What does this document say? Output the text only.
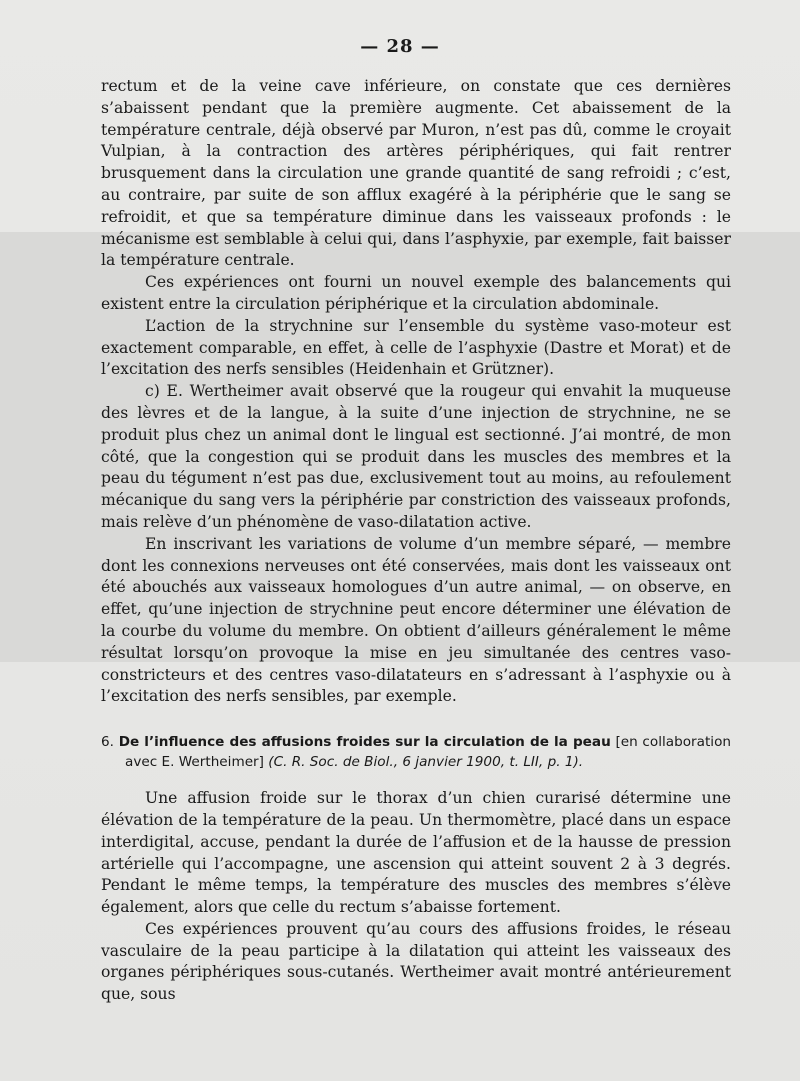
— 28 —

rectum et de la veine cave inférieure, on constate que ces dernières s’abaissent pendant que la première augmente. Cet abaissement de la température centrale, déjà observé par Muron, n’est pas dû, comme le croyait Vulpian, à la contraction des artères périphériques, qui fait rentrer brusquement dans la circulation une grande quantité de sang refroidi ; c’est, au contraire, par suite de son afflux exagéré à la périphérie que le sang se refroidit, et que sa température diminue dans les vaisseaux profonds : le mécanisme est semblable à celui qui, dans l’asphyxie, par exemple, fait baisser la température centrale.

Ces expériences ont fourni un nouvel exemple des balancements qui existent entre la circulation périphérique et la circulation abdominale.

L’action de la strychnine sur l’ensemble du système vaso-moteur est exactement comparable, en effet, à celle de l’asphyxie (Dastre et Morat) et de l’excitation des nerfs sensibles (Heidenhain et Grützner).

c) E. Wertheimer avait observé que la rougeur qui envahit la muqueuse des lèvres et de la langue, à la suite d’une injection de strychnine, ne se produit plus chez un animal dont le lingual est sectionné. J’ai montré, de mon côté, que la congestion qui se produit dans les muscles des membres et la peau du tégument n’est pas due, exclusivement tout au moins, au refoulement mécanique du sang vers la périphérie par constriction des vaisseaux profonds, mais relève d’un phénomène de vaso-dilatation active.

En inscrivant les variations de volume d’un membre séparé, — membre dont les connexions nerveuses ont été conservées, mais dont les vaisseaux ont été abouchés aux vaisseaux homologues d’un autre animal, — on observe, en effet, qu’une injection de strychnine peut encore déterminer une élévation de la courbe du volume du membre. On obtient d’ailleurs généralement le même résultat lorsqu’on provoque la mise en jeu simultanée des centres vaso-constricteurs et des centres vaso-dilatateurs en s’adressant à l’asphyxie ou à l’excitation des nerfs sensibles, par exemple.

6. De l’influence des affusions froides sur la circulation de la peau [en collaboration avec E. Wertheimer] (C. R. Soc. de Biol., 6 janvier 1900, t. LII, p. 1).

Une affusion froide sur le thorax d’un chien curarisé détermine une élévation de la température de la peau. Un thermomètre, placé dans un espace interdigital, accuse, pendant la durée de l’affusion et de la hausse de pression artérielle qui l’accompagne, une ascension qui atteint souvent 2 à 3 degrés. Pendant le même temps, la température des muscles des membres s’élève également, alors que celle du rectum s’abaisse fortement.

Ces expériences prouvent qu’au cours des affusions froides, le réseau vasculaire de la peau participe à la dilatation qui atteint les vaisseaux des organes périphériques sous-cutanés. Wertheimer avait montré antérieurement que, sous
